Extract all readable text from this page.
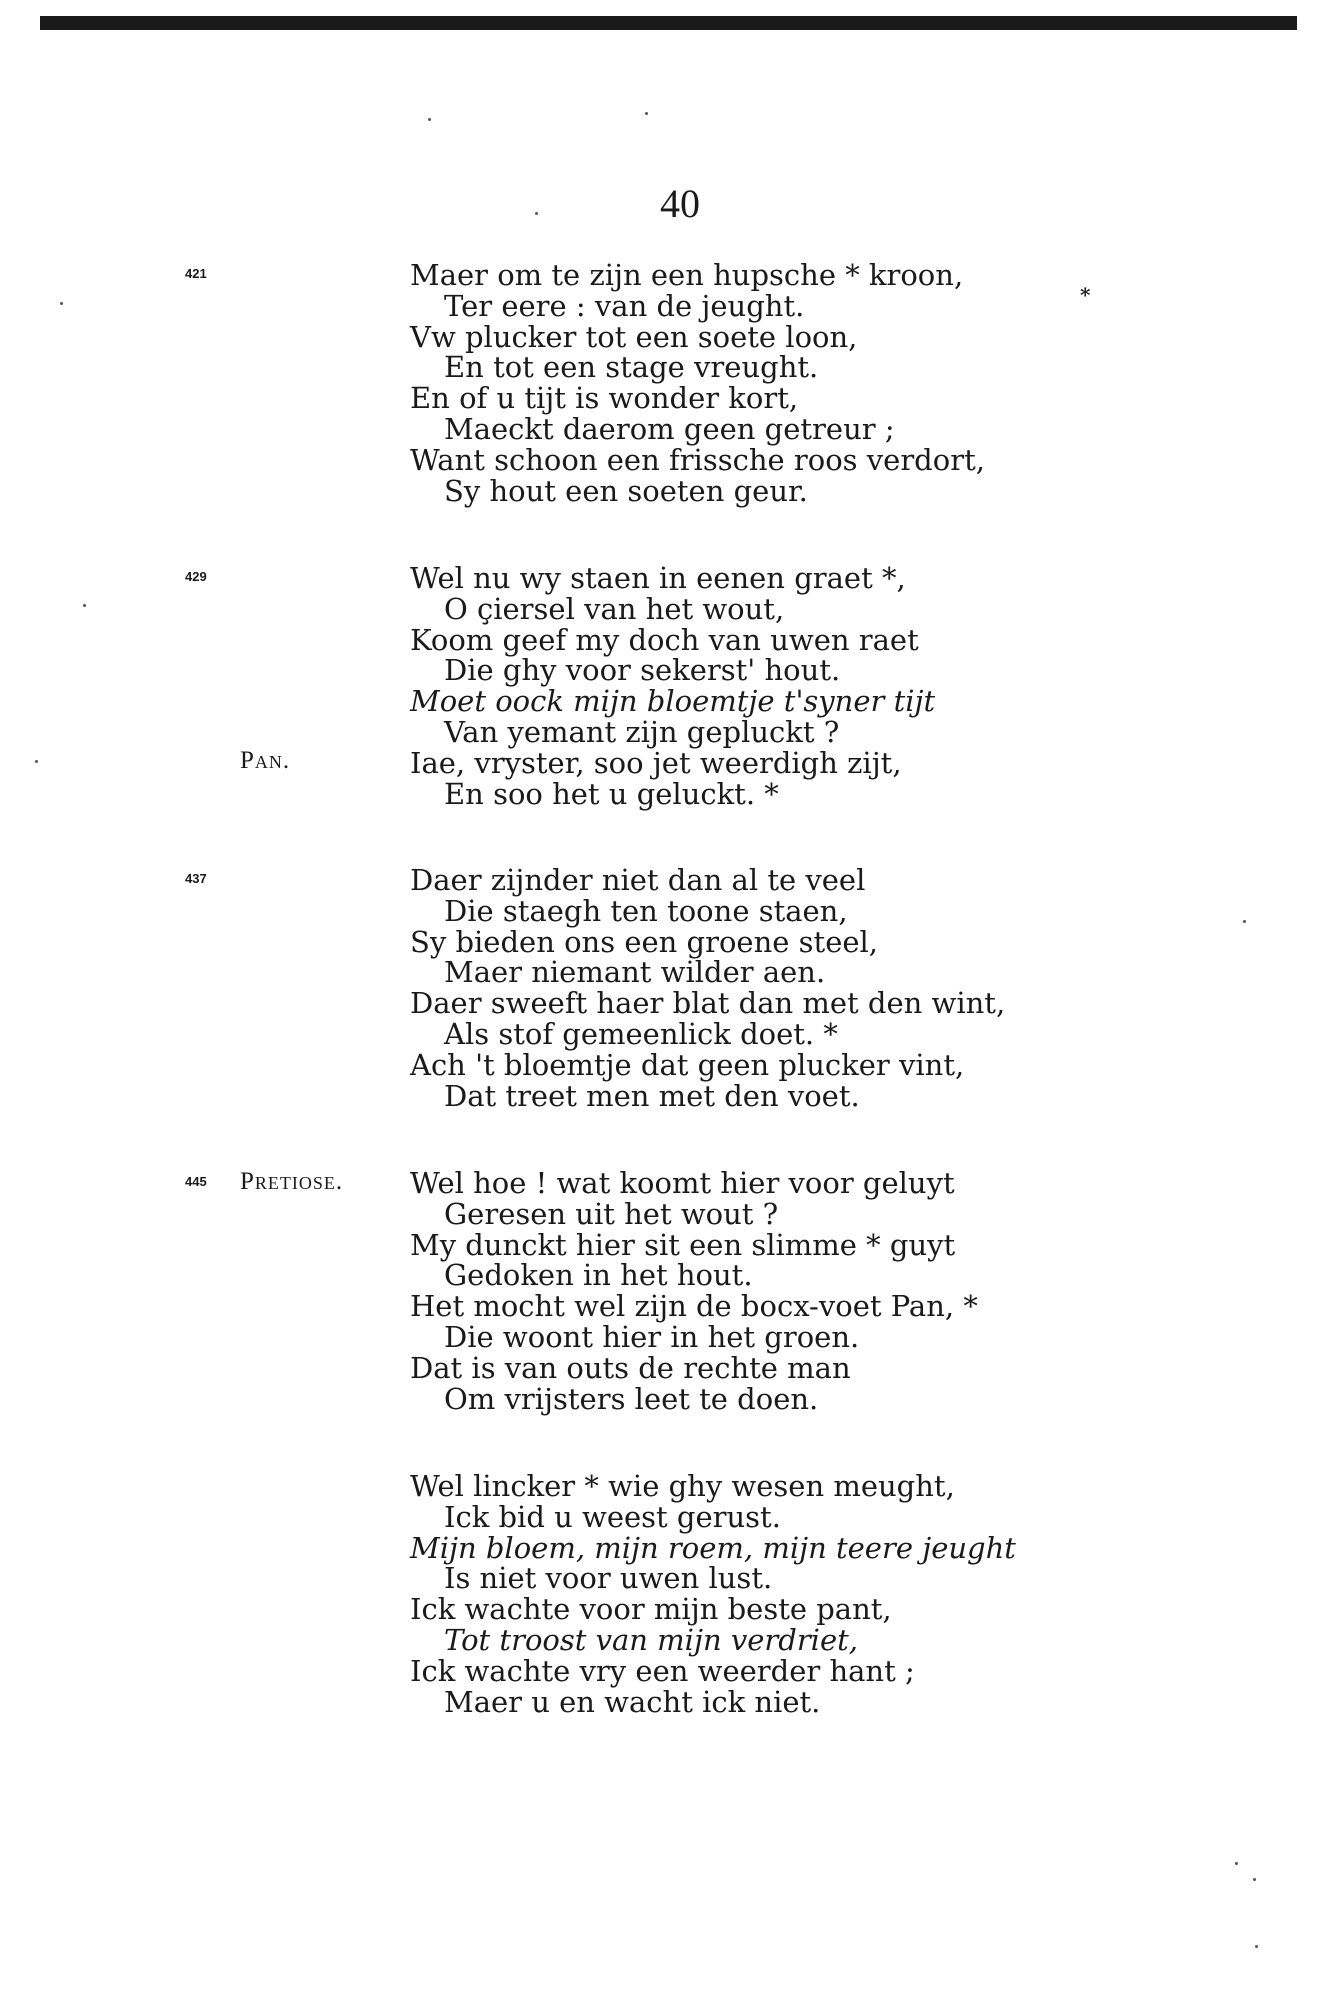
40
*
421	Maer om te zijn een hupsche * kroon,
Ter eere : van de jeught.
Vw plucker tot een soete loon,
En tot een stage vreught.
En of u tijt is wonder kort,
Maeckt daerom geen getreur ;
Want schoon een frissche roos verdort,
Sy hout een soeten geur.
429
Pan.
Wel nu wy staen in eenen graet *,
O çiersel van het wout,
Koom geef my doch van uwen raet
Die ghy voor sekerst' hout.
Moet oock mijn bloemtje t'syner tijt
Van yemant zijn gepluckt ?
Iae, vryster, soo jet weerdigh zijt,
En soo het u geluckt. *
437	Daer zijnder niet dan al te veel
Die staegh ten toone staen,
Sy bieden ons een groene steel,
Maer niemant wilder aen.
Daer sweeft haer blat dan met den wint,
Als stof gemeenlick doet. *
Ach 't bloemtje dat geen plucker vint,
Dat treet men met den voet.
445 Pretiose. Wel hoe ! wat koomt hier voor geluyt
Geresen uit het wout ?
My dunckt hier sit een slimme * guyt
Gedoken in het hout.
Het mocht wel zijn de bocx-voet Pan, *
Die woont hier in het groen.
Dat is van outs de rechte man
Om vrijsters leet te doen.
Wel lincker * wie ghy wesen meught,
Ick bid u weest gerust.
Mijn bloem, mijn roem, mijn teere jeught
Is niet voor uwen lust.
Ick wachte voor mijn beste pant,
Tot troost van mijn verdriet,
Ick wachte vry een weerder hant ;
Maer u en wacht ick niet.
